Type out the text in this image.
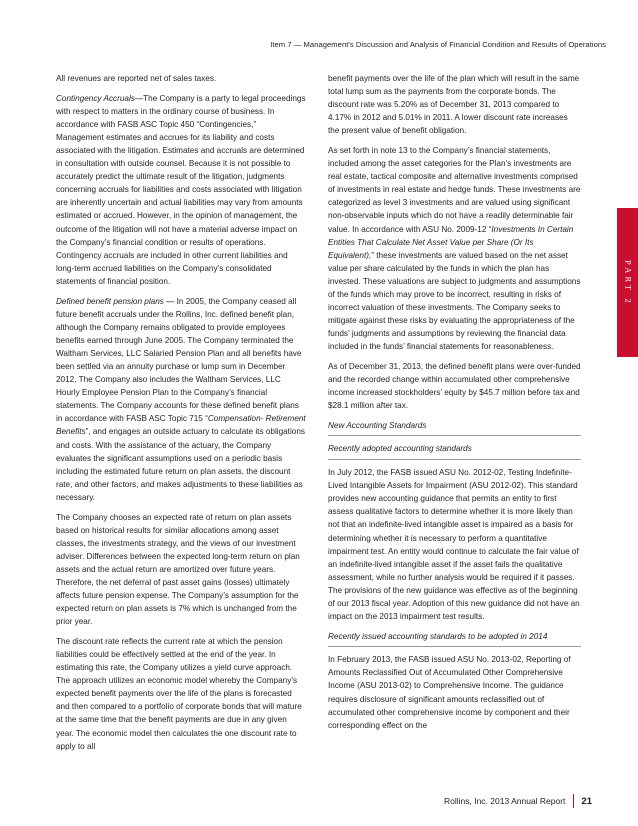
Item 7 — Management's Discussion and Analysis of Financial Condition and Results of Operations

All revenues are reported net of sales taxes.

Contingency Accruals—The Company is a party to legal proceedings with respect to matters in the ordinary course of business. In accordance with FASB ASC Topic 450 “Contingencies,” Management estimates and accrues for its liability and costs associated with the litigation. Estimates and accruals are determined in consultation with outside counsel. Because it is not possible to accurately predict the ultimate result of the litigation, judgments concerning accruals for liabilities and costs associated with litigation are inherently uncertain and actual liabilities may vary from amounts estimated or accrued. However, in the opinion of management, the outcome of the litigation will not have a material adverse impact on the Company’s financial condition or results of operations. Contingency accruals are included in other current liabilities and long-term accrued liabilities on the Company’s consolidated statements of financial position.

Defined benefit pension plans — In 2005, the Company ceased all future benefit accruals under the Rollins, Inc. defined benefit plan, although the Company remains obligated to provide employees benefits earned through June 2005. The Company terminated the Waltham Services, LLC Salaried Pension Plan and all benefits have been settled via an annuity purchase or lump sum in December 2012. The Company also includes the Waltham Services, LLC Hourly Employee Pension Plan to the Company’s financial statements. The Company accounts for these defined benefit plans in accordance with FASB ASC Topic 715 “Compensation- Retirement Benefits”, and engages an outside actuary to calculate its obligations and costs. With the assistance of the actuary, the Company evaluates the significant assumptions used on a periodic basis including the estimated future return on plan assets, the discount rate, and other factors, and makes adjustments to these liabilities as necessary.

The Company chooses an expected rate of return on plan assets based on historical results for similar allocations among asset classes, the investments strategy, and the views of our investment adviser. Differences between the expected long-term return on plan assets and the actual return are amortized over future years. Therefore, the net deferral of past asset gains (losses) ultimately affects future pension expense. The Company’s assumption for the expected return on plan assets is 7% which is unchanged from the prior year.

The discount rate reflects the current rate at which the pension liabilities could be effectively settled at the end of the year. In estimating this rate, the Company utilizes a yield curve approach. The approach utilizes an economic model whereby the Company’s expected benefit payments over the life of the plans is forecasted and then compared to a portfolio of corporate bonds that will mature at the same time that the benefit payments are due in any given year. The economic model then calculates the one discount rate to apply to all

benefit payments over the life of the plan which will result in the same total lump sum as the payments from the corporate bonds. The discount rate was 5.20% as of December 31, 2013 compared to 4.17% in 2012 and 5.01% in 2011. A lower discount rate increases the present value of benefit obligation.

As set forth in note 13 to the Company’s financial statements, included among the asset categories for the Plan’s investments are real estate, tactical composite and alternative investments comprised of investments in real estate and hedge funds. These investments are categorized as level 3 investments and are valued using significant non-observable inputs which do not have a readily determinable fair value. In accordance with ASU No. 2009-12 “Investments In Certain Entities That Calculate Net Asset Value per Share (Or Its Equivalent),” these investments are valued based on the net asset value per share calculated by the funds in which the plan has invested. These valuations are subject to judgments and assumptions of the funds which may prove to be incorrect, resulting in risks of incorrect valuation of these investments. The Company seeks to mitigate against these risks by evaluating the appropriateness of the funds’ judgments and assumptions by reviewing the financial data included in the funds’ financial statements for reasonableness.

As of December 31, 2013, the defined benefit plans were over-funded and the recorded change within accumulated other comprehensive income increased stockholders’ equity by $45.7 million before tax and $28.1 million after tax.

New Accounting Standards
Recently adopted accounting standards

In July 2012, the FASB issued ASU No. 2012-02, Testing Indefinite-Lived Intangible Assets for Impairment (ASU 2012-02). This standard provides new accounting guidance that permits an entity to first assess qualitative factors to determine whether it is more likely than not that an indefinite-lived intangible asset is impaired as a basis for determining whether it is necessary to perform a quantitative impairment test. An entity would continue to calculate the fair value of an indefinite-lived intangible asset if the asset fails the qualitative assessment, while no further analysis would be required if it passes. The provisions of the new guidance was effective as of the beginning of our 2013 fiscal year. Adoption of this new guidance did not have an impact on the 2013 impairment test results.

Recently issued accounting standards to be adopted in 2014

In February 2013, the FASB issued ASU No. 2013-02, Reporting of Amounts Reclassified Out of Accumulated Other Comprehensive Income (ASU 2013-02) to Comprehensive Income. The guidance requires disclosure of significant amounts reclassified out of accumulated other comprehensive income by component and their corresponding effect on the

PART 2
Rollins, Inc. 2013 Annual Report 21
